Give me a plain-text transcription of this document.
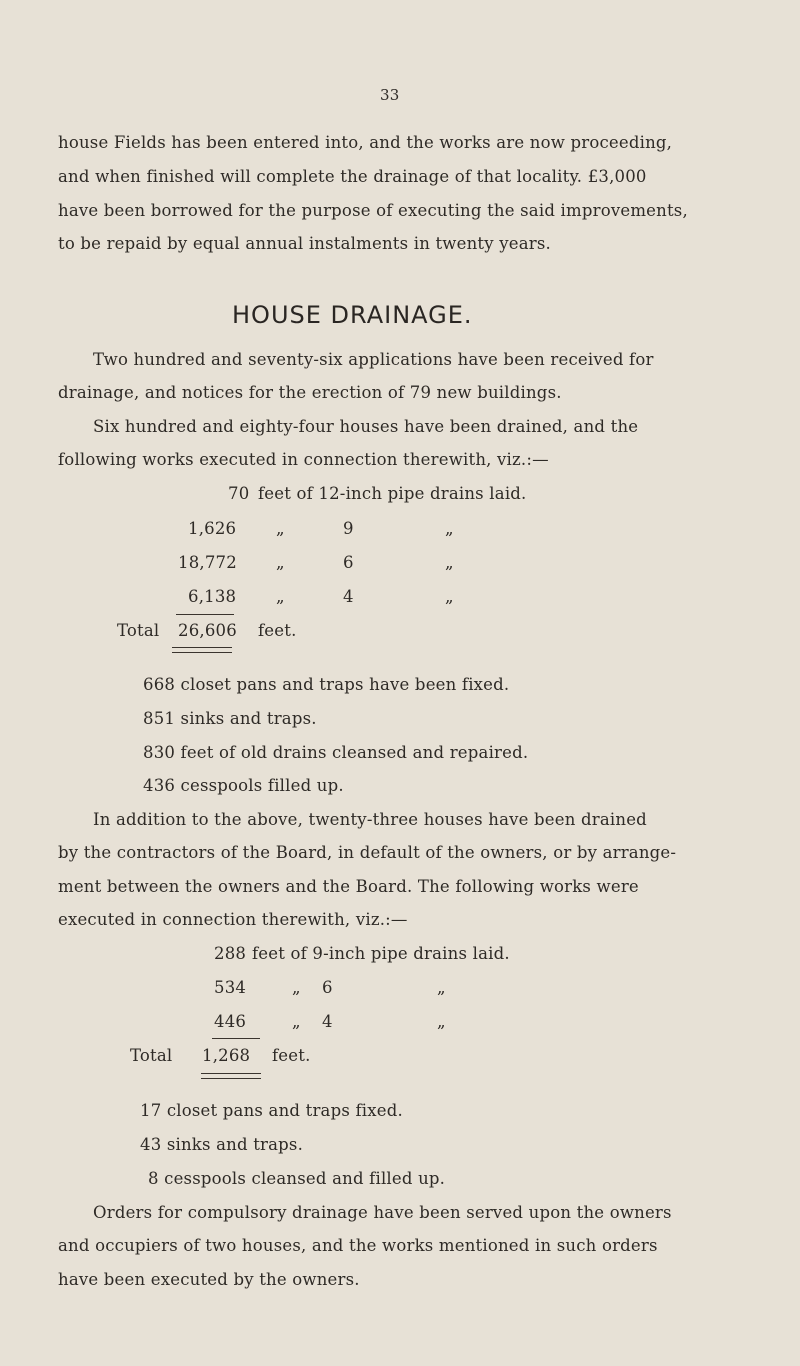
33
house Fields has been entered into, and the works are now proceeding,
and when finished will complete the drainage of that locality. £3,000
have been borrowed for the purpose of executing the said improvements,
to be repaid by equal annual instalments in twenty years.
HOUSE DRAINAGE.
Two hundred and seventy-six applications have been received for
drainage, and notices for the erection of 79 new buildings.
Six hundred and eighty-four houses have been drained, and the
following works executed in connection therewith, viz.:—
70 feet of 12-inch pipe drains laid.
1,626 „	9	„
18,772 „	6	„
6,138 „	4	„
Total 26,606 feet.
668 closet pans and traps have been fixed.
851 sinks and traps.
830 feet of old drains cleansed and repaired.
436 cesspools filled up.
In addition to the above, twenty-three houses have been drained
by the contractors of the Board, in default of the owners, or by arrange-
ment between the owners and the Board. The following works were
executed in connection therewith, viz.:—
288 feet of 9-inch pipe drains laid.
534	„ 6	„
446	„ 4	„
Total 1,268 feet.
17 closet pans and traps fixed.
43 sinks and traps.
8 cesspools cleansed and filled up.
Orders for compulsory drainage have been served upon the owners
and occupiers of two houses, and the works mentioned in such orders
have been executed by the owners.
